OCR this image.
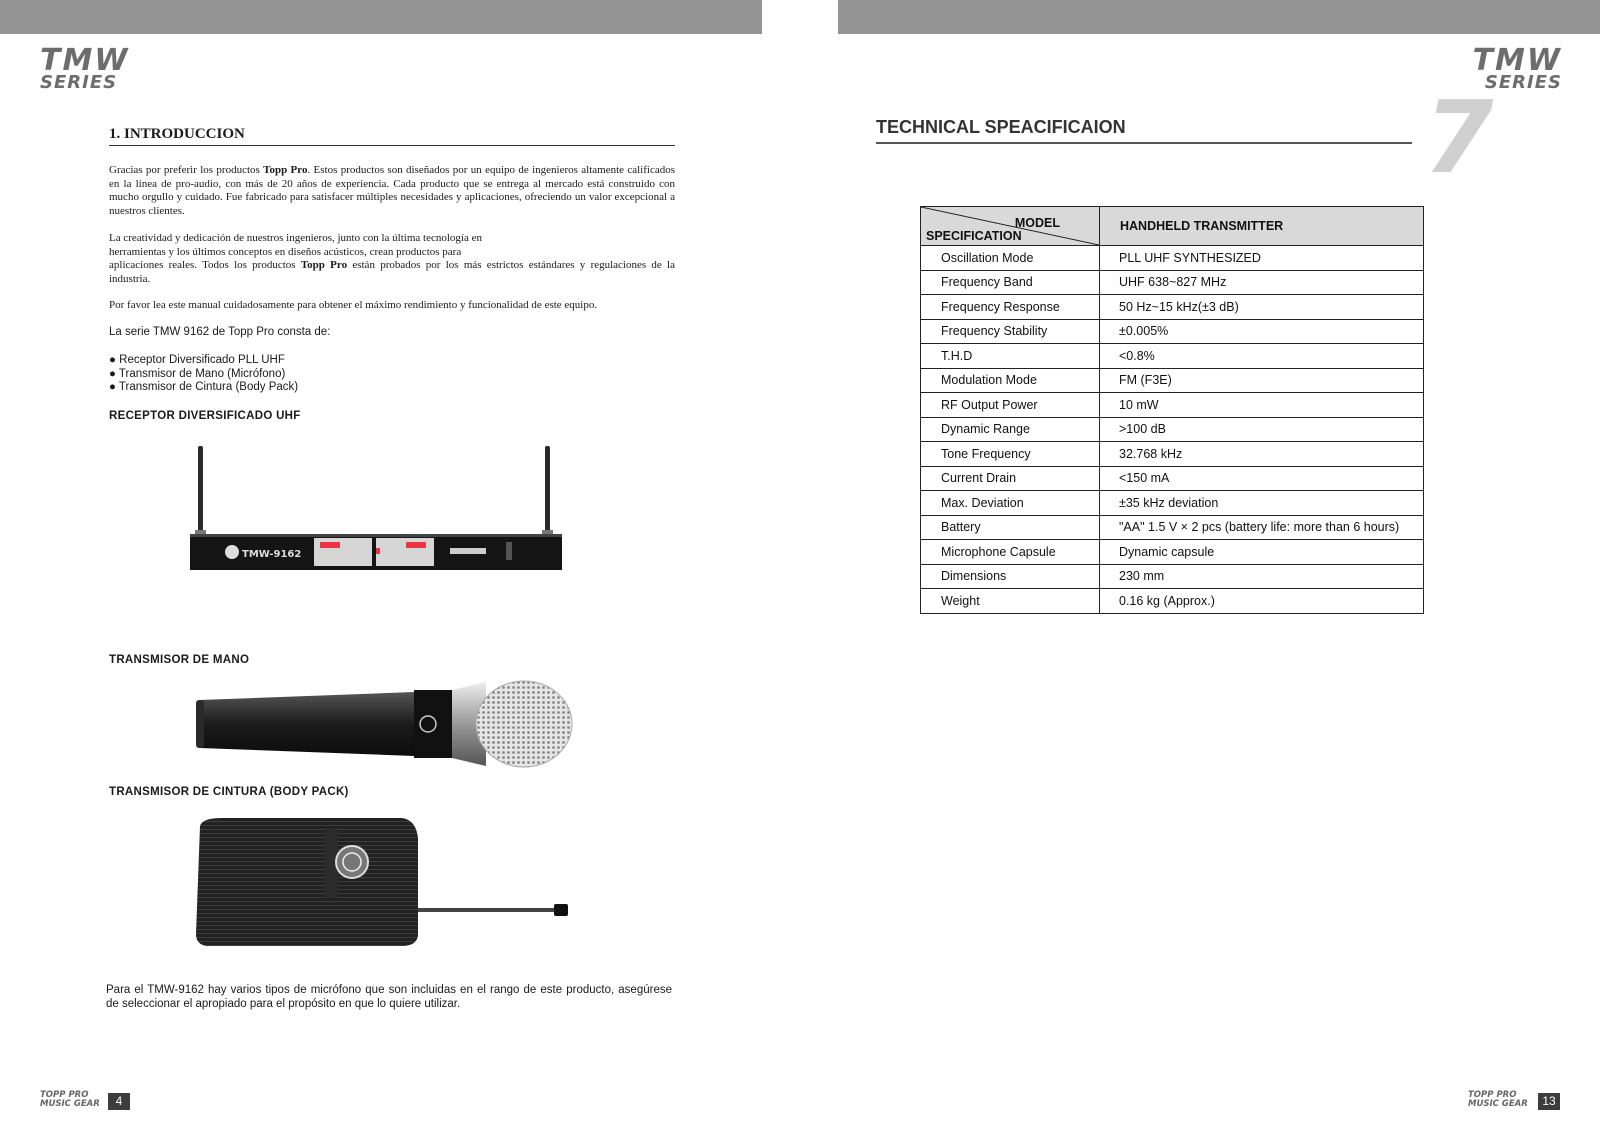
TMW
SERIES
1. INTRODUCCION

Gracias por preferir los productos Topp Pro. Estos productos son diseñados por un equipo de ingenieros altamente calificados en la línea de pro-audio, con más de 20 años de experiencia. Cada producto que se entrega al mercado está construido con mucho orgullo y cuidado. Fue fabricado para satisfacer múltiples necesidades y aplicaciones, ofreciendo un valor excepcional a nuestros clientes.

La creatividad y dedicación de nuestros ingenieros, junto con la última tecnología en
herramientas y los últimos conceptos en diseños acústicos, crean productos para
aplicaciones reales. Todos los productos Topp Pro están probados por los más estrictos estándares y regulaciones de la industria.

Por favor lea este manual cuidadosamente para obtener el máximo rendimiento y funcionalidad de este equipo.

La serie TMW 9162 de Topp Pro consta de:

● Receptor Diversificado PLL UHF
● Transmisor de Mano (Micrófono)
● Transmisor de Cintura (Body Pack)
RECEPTOR DIVERSIFICADO UHF
TMW-9162
TRANSMISOR DE MANO
TRANSMISOR DE CINTURA (BODY PACK)

Para el TMW-9162 hay varios tipos de micrófono que son incluidas en el rango de este producto, asegúrese de seleccionar el apropiado para el propósito en que lo quiere utilizar.

TOPP PRO
MUSIC GEAR	4
TMW
SERIES
TECHNICAL SPEACIFICAION	7
MODEL
SPECIFICATION	HANDHELD TRANSMITTER
Oscillation Mode	PLL UHF SYNTHESIZED
Frequency Band	UHF 638~827 MHz
Frequency Response	50 Hz~15 kHz(±3 dB)
Frequency Stability	±0.005%
T.H.D	<0.8%
Modulation Mode	FM (F3E)
RF Output Power	10 mW
Dynamic Range	>100 dB
Tone Frequency	32.768 kHz
Current Drain	<150 mA
Max. Deviation	±35 kHz deviation
Battery	"AA" 1.5 V × 2 pcs (battery life: more than 6 hours)
Microphone Capsule	Dynamic capsule
Dimensions	230 mm
Weight	0.16 kg (Approx.)
TOPP PRO
MUSIC GEAR	13
